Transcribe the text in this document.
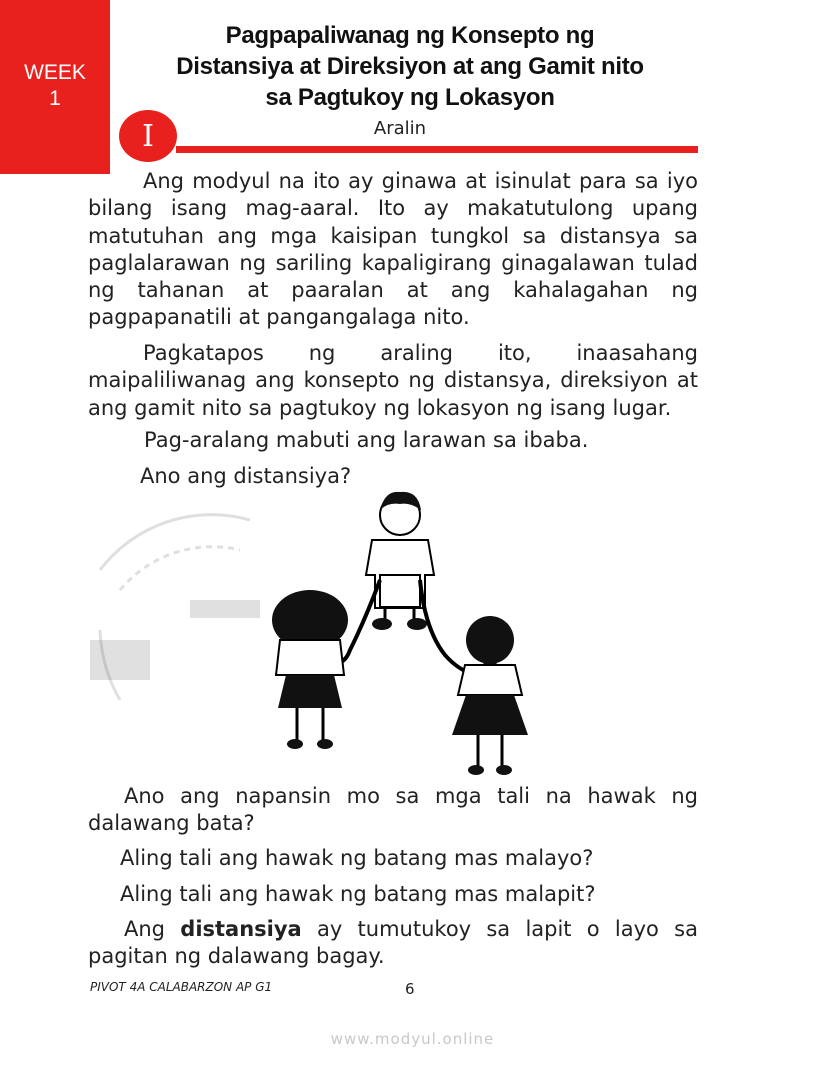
WEEK
1
Pagpapaliwanag ng Konsepto ng
Distansiya at Direksiyon at ang Gamit nito
sa Pagtukoy ng Lokasyon
I	Aralin

Ang modyul na ito ay ginawa at isinulat para sa iyo bilang isang mag-aaral. Ito ay makatutulong upang matutuhan ang mga kaisipan tungkol sa distansya sa paglalarawan ng sariling kapaligirang ginagalawan tulad ng tahanan at paaralan at ang kahalagahan ng pagpapanatili at pangangalaga nito.

Pagkatapos ng araling ito, inaasahang maipaliliwanag ang konsepto ng distansya, direksiyon at ang gamit nito sa pagtukoy ng lokasyon ng isang lugar.

Pag-aralang mabuti ang larawan sa ibaba.
Ano ang distansiya?

Ano ang napansin mo sa mga tali na hawak ng dalawang bata?

Aling tali ang hawak ng batang mas malayo?
Aling tali ang hawak ng batang mas malapit?

Ang distansiya ay tumutukoy sa lapit o layo sa pagitan ng dalawang bagay.

PIVOT 4A CALABARZON AP G1	6
www.modyul.online
